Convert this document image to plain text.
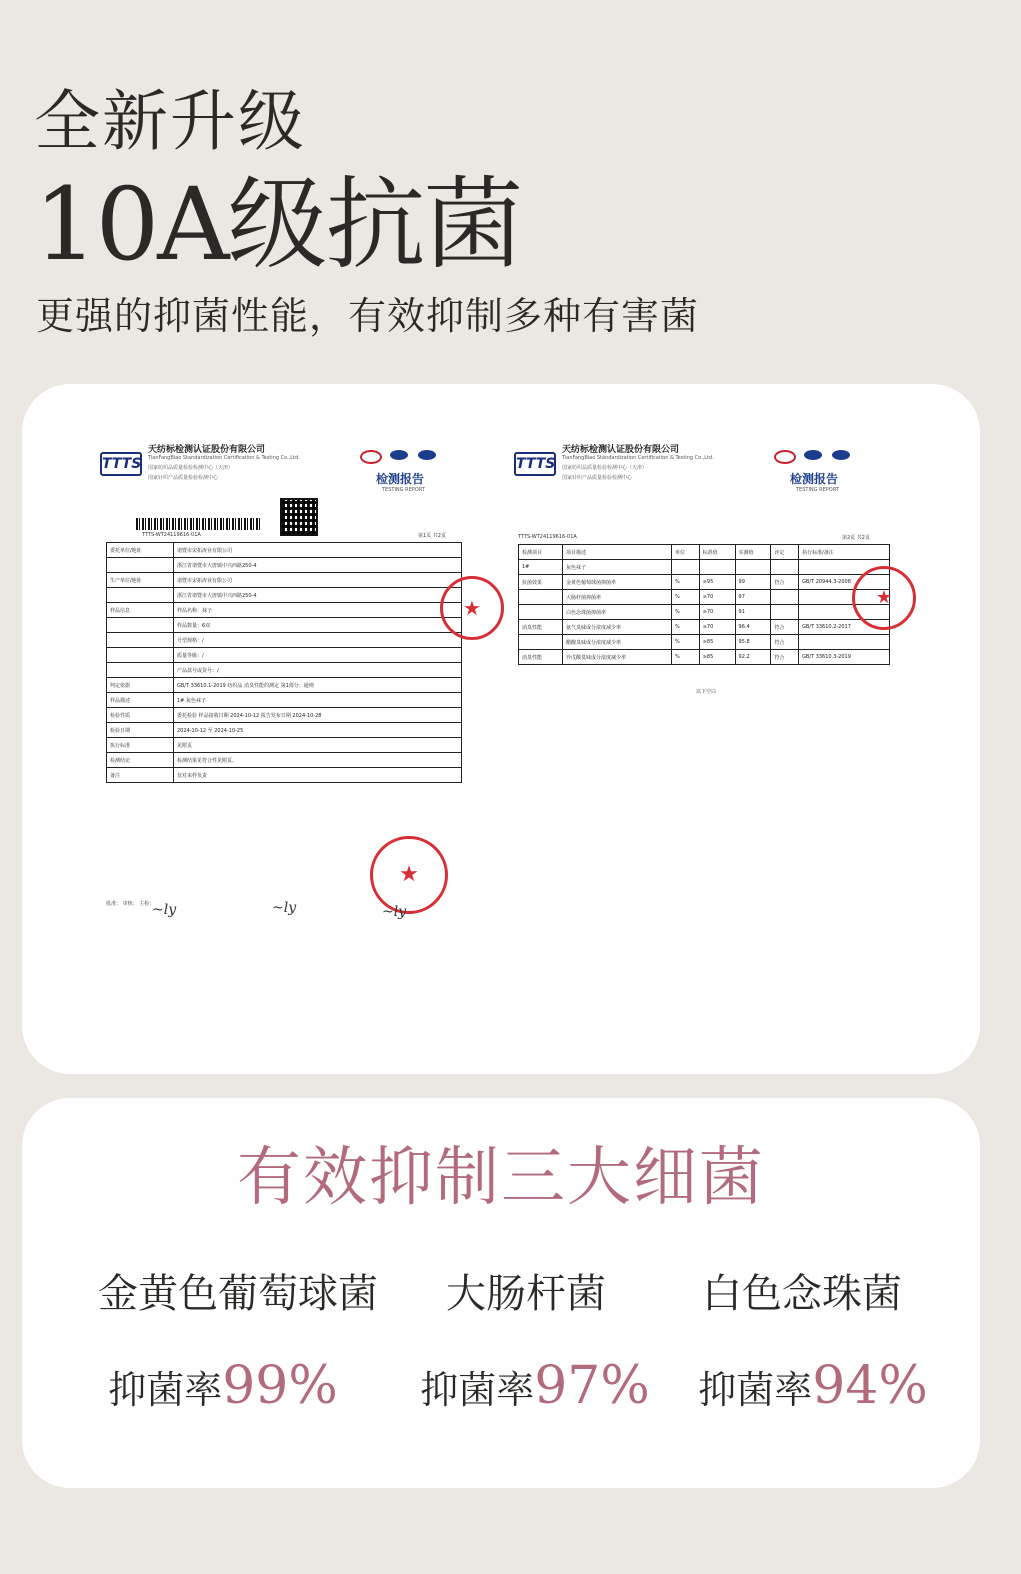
全新升级
10A级抗菌
更强的抑菌性能，有效抑制多种有害菌
TTTS
天纺标检测认证股份有限公司
TianFangBiao Standardization Certification & Testing Co.,Ltd.
国家纺织品质量检验检测中心（天津）
国家针织产品质量检验检测中心	检测报告
TESTING REPORT
TTTS-WT24119616-01A	第1页 共2页
委托单位/地址	诸暨市宋拓涛业有限公司
	浙江省诸暨市大唐镇中兴西路250-4
生产单位/地址	诸暨市宋拓涛业有限公司
	浙江省诸暨市大唐镇中兴西路250-4
样品信息	样品名称：袜子
	样品数量：6双
	号型规格：/
	质量等级：/
	产品款号或货号：/
判定依据	GB/T 33610.1-2019 纺织品 消臭性能的测定 第1部分：通则
样品描述	1# 灰色袜子
检验性质	委托检验 样品接收日期 2024-10-12 报告发布日期 2024-10-28
检验日期	2024-10-12 至 2024-10-25
执行标准	见附页
检测结论	检测结果见符合性见附页。
备注	仅对来样负责
★
★
批准： 审核： 主检：
~ly	~ly	~ly
TTTS
天纺标检测认证股份有限公司
TianFangBiao Standardization Certification & Testing Co.,Ltd.
国家纺织品质量检验检测中心（天津）
国家针织产品质量检验检测中心	检测报告
TESTING REPORT
TTTS-WT24119616-01A	第2页 共2页
检测项目	项目描述	单位	标准值	实测值	评定	执行标准/备注
1#	灰色袜子					
抗菌效果	金黄色葡萄球菌抑菌率	%	≥95	99	符合	GB/T 20944.3-2008
	大肠杆菌抑菌率	%	≥70	97		
	白色念珠菌抑菌率	%	≥70	91		
消臭性能	氨气臭味成分浓度减少率	%	≥70	96.4	符合	GB/T 33610.2-2017
	醋酸臭味成分浓度减少率	%	≥85	95.8	符合	
消臭性能	异戊酸臭味成分浓度减少率	%	≥85	92.2	符合	GB/T 33610.3-2019
以下空白
★
有效抑制三大细菌
金黄色葡萄球菌	大肠杆菌	白色念珠菌
抑菌率99%	抑菌率97%	抑菌率94%
